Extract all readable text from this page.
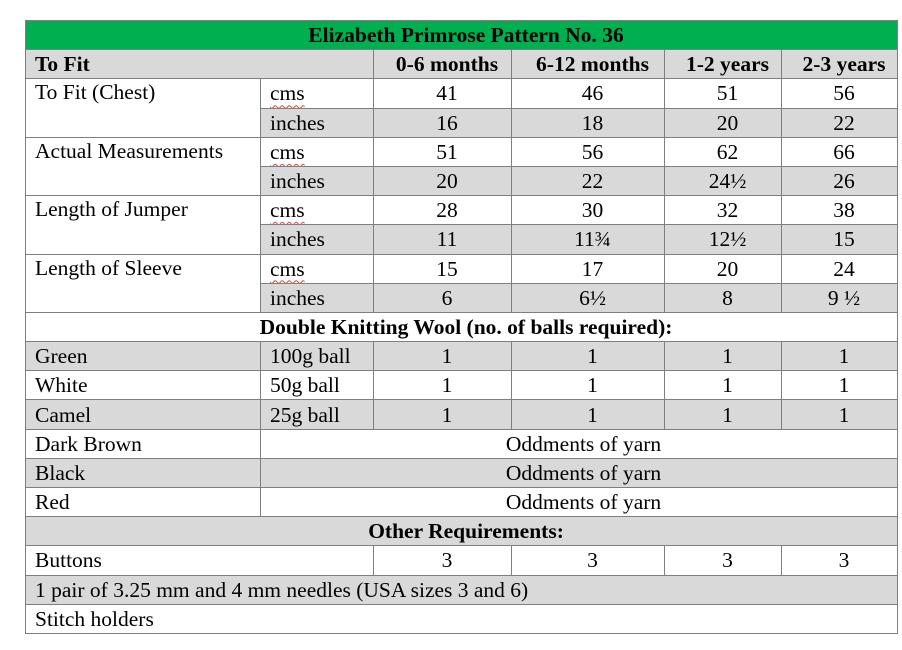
Elizabeth Primrose Pattern No. 36					
To Fit		0-6 months	6-12 months	1-2 years	2-3 years
To Fit (Chest)	cms	41	46	51	56
	inches	16	18	20	22
Actual Measurements	cms	51	56	62	66
	inches	20	22	24½	26
Length of Jumper	cms	28	30	32	38
	inches	11	11¾	12½	15
Length of Sleeve	cms	15	17	20	24
	inches	6	6½	8	9 ½
Double Knitting Wool (no. of balls required):					
Green	100g ball	1	1	1	1
White	50g ball	1	1	1	1
Camel	25g ball	1	1	1	1
Dark Brown	Oddments of yarn				
Black	Oddments of yarn				
Red	Oddments of yarn				
Other Requirements:					
Buttons		3	3	3	3
1 pair of 3.25 mm and 4 mm needles (USA sizes 3 and 6)					
Stitch holders					
